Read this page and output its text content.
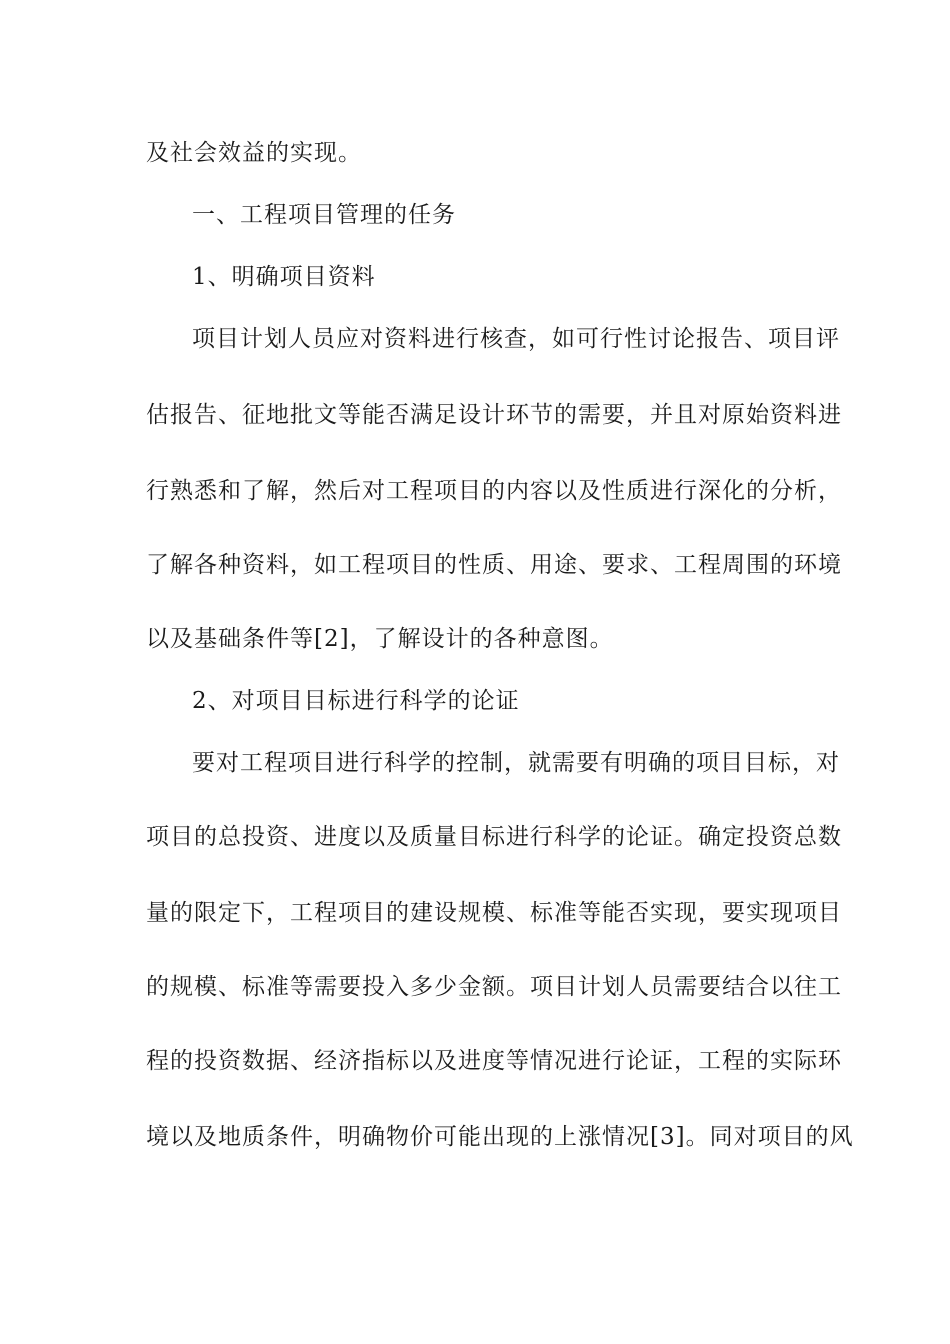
及社会效益的实现。
一、工程项目管理的任务
1、明确项目资料
项目计划人员应对资料进行核查，如可行性讨论报告、项目评
估报告、征地批文等能否满足设计环节的需要，并且对原始资料进
行熟悉和了解，然后对工程项目的内容以及性质进行深化的分析，
了解各种资料，如工程项目的性质、用途、要求、工程周围的环境
以及基础条件等[2]，了解设计的各种意图。
2、对项目目标进行科学的论证
要对工程项目进行科学的控制，就需要有明确的项目目标，对
项目的总投资、进度以及质量目标进行科学的论证。确定投资总数
量的限定下，工程项目的建设规模、标准等能否实现，要实现项目
的规模、标准等需要投入多少金额。项目计划人员需要结合以往工
程的投资数据、经济指标以及进度等情况进行论证，工程的实际环
境以及地质条件，明确物价可能出现的上涨情况[3]。同对项目的风
